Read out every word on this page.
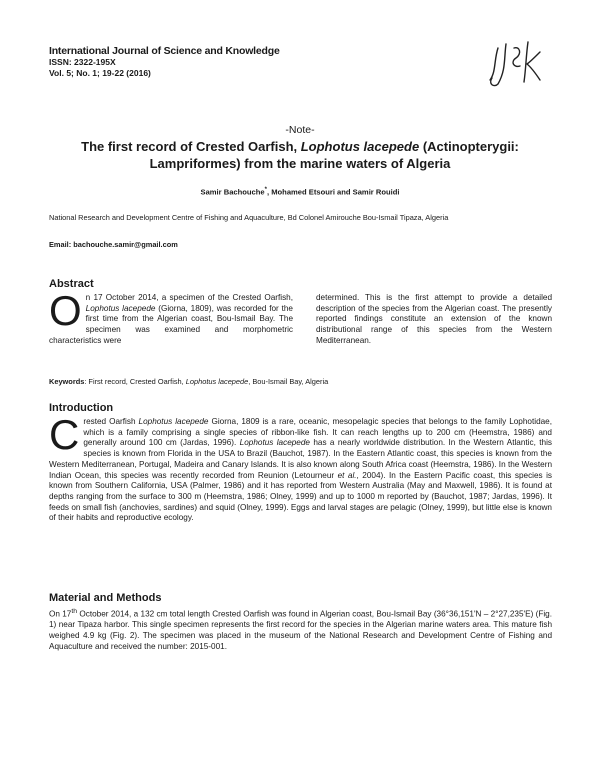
International Journal of Science and Knowledge
ISSN: 2322-195X
Vol. 5; No. 1; 19-22 (2016)
-Note-
The first record of Crested Oarfish, Lophotus lacepede (Actinopterygii: Lampriformes) from the marine waters of Algeria
Samir Bachouche*, Mohamed Etsouri and Samir Rouidi
National Research and Development Centre of Fishing and Aquaculture, Bd Colonel Amirouche Bou-Ismail Tipaza, Algeria
Email: bachouche.samir@gmail.com
Abstract

On 17 October 2014, a specimen of the Crested Oarfish, Lophotus lacepede (Giorna, 1809), was recorded for the first time from the Algerian coast, Bou-Ismail Bay. The specimen was examined and morphometric characteristics were

determined. This is the first attempt to provide a detailed description of the species from the Algerian coast. The presently reported findings constitute an extension of the known distributional range of this species from the Western Mediterranean.

Keywords: First record, Crested Oarfish, Lophotus lacepede, Bou-Ismail Bay, Algeria
Introduction

Crested Oarfish Lophotus lacepede Giorna, 1809 is a rare, oceanic, mesopelagic species that belongs to the family Lophotidae, which is a family comprising a single species of ribbon-like fish. It can reach lengths up to 200 cm (Heemstra, 1986) and generally around 100 cm (Jardas, 1996). Lophotus lacepede has a nearly worldwide distribution. In the Western Atlantic, this species is known from Florida in the USA to Brazil (Bauchot, 1987). In the Eastern Atlantic coast, this species is known from the Western Mediterranean, Portugal, Madeira and Canary Islands. It is also known along South Africa coast (Heemstra, 1986). In the Western Indian Ocean, this species was recently recorded from Reunion (Letourneur et al., 2004). In the Eastern Pacific coast, this species is known from Southern California, USA (Palmer, 1986) and it has reported from Western Australia (May and Maxwell, 1986). It is found at depths ranging from the surface to 300 m (Heemstra, 1986; Olney, 1999) and up to 1000 m reported by (Bauchot, 1987; Jardas, 1996). It feeds on small fish (anchovies, sardines) and squid (Olney, 1999). Eggs and larval stages are pelagic (Olney, 1999), but little else is known of their habits and reproductive ecology.

Material and Methods

On 17th October 2014, a 132 cm total length Crested Oarfish was found in Algerian coast, Bou-Ismail Bay (36°36,151'N – 2°27,235'E) (Fig. 1) near Tipaza harbor. This single specimen represents the first record for the species in the Algerian marine waters area. This mature fish weighed 4.9 kg (Fig. 2). The specimen was placed in the museum of the National Research and Development Centre of Fishing and Aquaculture and received the number: 2015-001.
